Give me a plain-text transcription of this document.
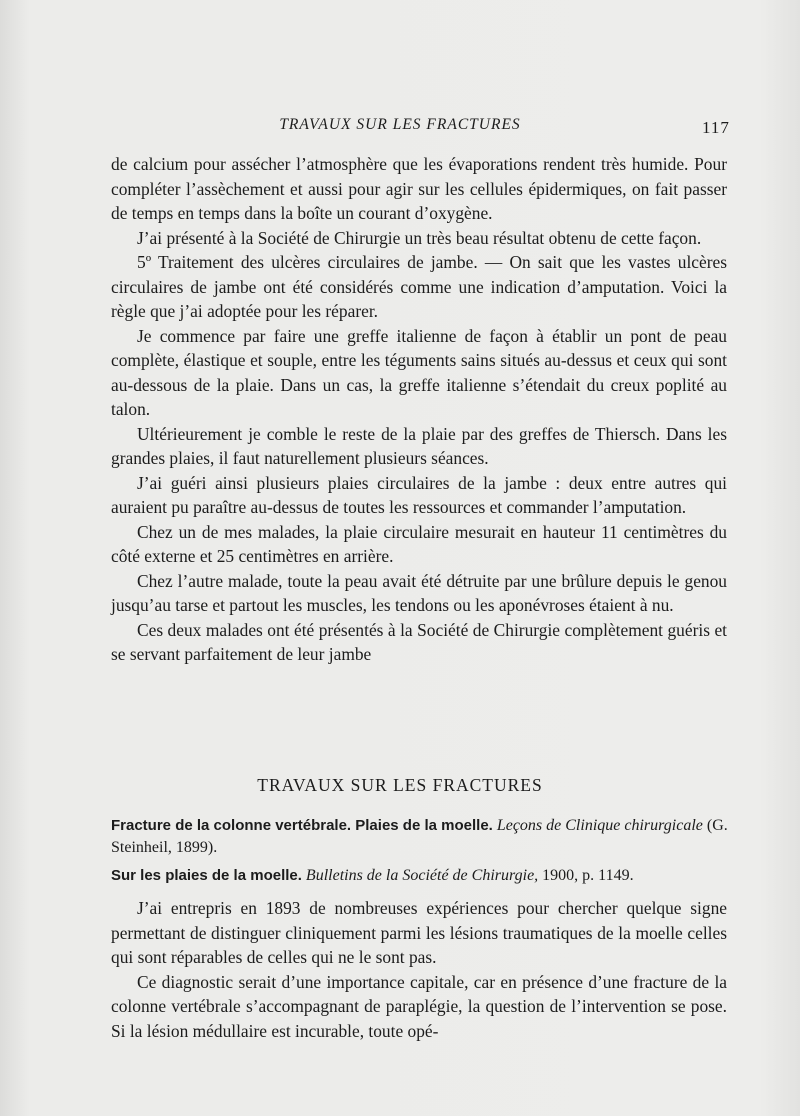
TRAVAUX SUR LES FRACTURES	117

de calcium pour assécher l’atmosphère que les évaporations rendent très humide. Pour compléter l’assèchement et aussi pour agir sur les cellules épidermiques, on fait passer de temps en temps dans la boîte un courant d’oxygène.

J’ai présenté à la Société de Chirurgie un très beau résultat obtenu de cette façon.

5º Traitement des ulcères circulaires de jambe. — On sait que les vastes ulcères circulaires de jambe ont été considérés comme une indication d’amputation. Voici la règle que j’ai adoptée pour les réparer.

Je commence par faire une greffe italienne de façon à établir un pont de peau complète, élastique et souple, entre les téguments sains situés au-dessus et ceux qui sont au-dessous de la plaie. Dans un cas, la greffe italienne s’étendait du creux poplité au talon.

Ultérieurement je comble le reste de la plaie par des greffes de Thiersch. Dans les grandes plaies, il faut naturellement plusieurs séances.

J’ai guéri ainsi plusieurs plaies circulaires de la jambe : deux entre autres qui auraient pu paraître au-dessus de toutes les ressources et commander l’amputation.

Chez un de mes malades, la plaie circulaire mesurait en hauteur 11 centimètres du côté externe et 25 centimètres en arrière.

Chez l’autre malade, toute la peau avait été détruite par une brûlure depuis le genou jusqu’au tarse et partout les muscles, les tendons ou les aponévroses étaient à nu.

Ces deux malades ont été présentés à la Société de Chirurgie complètement guéris et se servant parfaitement de leur jambe

TRAVAUX SUR LES FRACTURES
Fracture de la colonne vertébrale. Plaies de la moelle. Leçons de Clinique chirurgicale (G. Steinheil, 1899).
Sur les plaies de la moelle. Bulletins de la Société de Chirurgie, 1900, p. 1149.

J’ai entrepris en 1893 de nombreuses expériences pour chercher quelque signe permettant de distinguer cliniquement parmi les lésions traumatiques de la moelle celles qui sont réparables de celles qui ne le sont pas.

Ce diagnostic serait d’une importance capitale, car en présence d’une fracture de la colonne vertébrale s’accompagnant de paraplégie, la question de l’intervention se pose. Si la lésion médullaire est incurable, toute opé-
